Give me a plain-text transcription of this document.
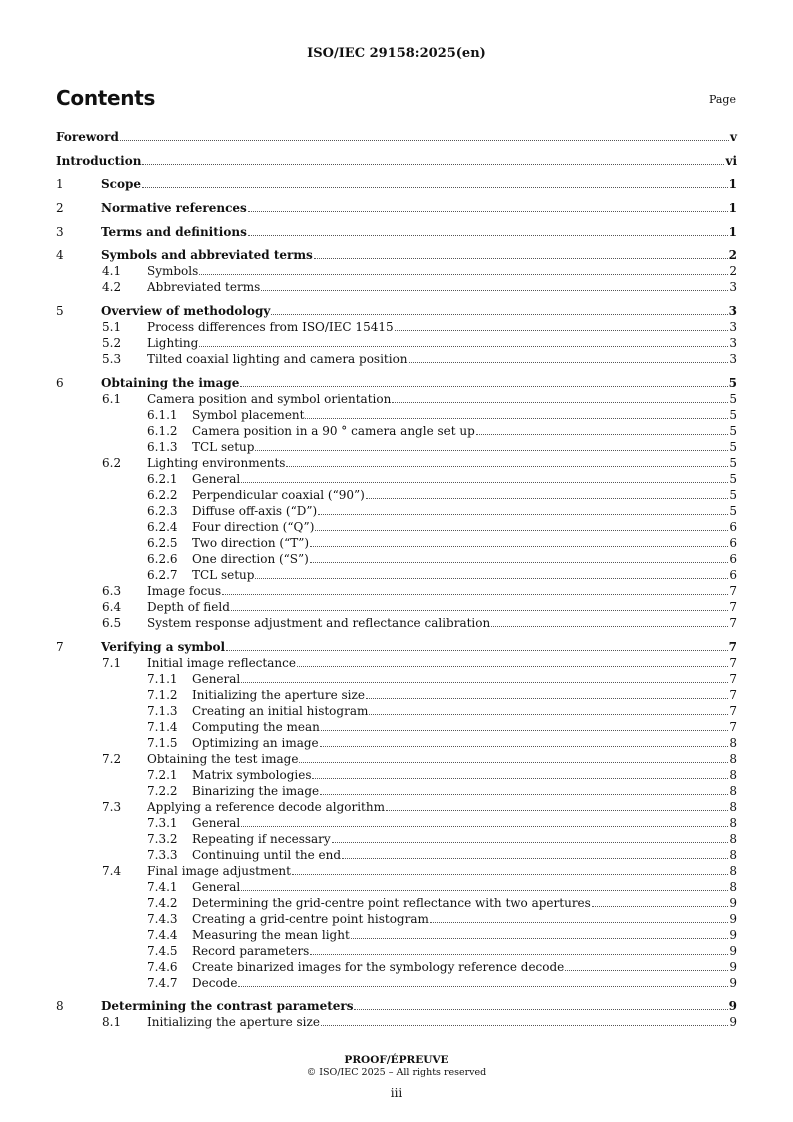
ISO/IEC 29158:2025(en)
Contents	Page
Foreword	v
Introduction	vi
1	Scope	1
2	Normative references	1
3	Terms and definitions	1
4	Symbols and abbreviated terms	2
4.1	Symbols	2
4.2	Abbreviated terms	3
5	Overview of methodology	3
5.1	Process differences from ISO/IEC 15415	3
5.2	Lighting	3
5.3	Tilted coaxial lighting and camera position	3
6	Obtaining the image	5
6.1	Camera position and symbol orientation	5
6.1.1	Symbol placement	5
6.1.2	Camera position in a 90 ° camera angle set up	5
6.1.3	TCL setup	5
6.2	Lighting environments	5
6.2.1	General	5
6.2.2	Perpendicular coaxial (“90”)	5
6.2.3	Diffuse off-axis (“D”)	5
6.2.4	Four direction (“Q”)	6
6.2.5	Two direction (“T”)	6
6.2.6	One direction (“S”)	6
6.2.7	TCL setup	6
6.3	Image focus	7
6.4	Depth of field	7
6.5	System response adjustment and reflectance calibration	7
7	Verifying a symbol	7
7.1	Initial image reflectance	7
7.1.1	General	7
7.1.2	Initializing the aperture size	7
7.1.3	Creating an initial histogram	7
7.1.4	Computing the mean	7
7.1.5	Optimizing an image	8
7.2	Obtaining the test image	8
7.2.1	Matrix symbologies	8
7.2.2	Binarizing the image	8
7.3	Applying a reference decode algorithm	8
7.3.1	General	8
7.3.2	Repeating if necessary	8
7.3.3	Continuing until the end	8
7.4	Final image adjustment	8
7.4.1	General	8
7.4.2	Determining the grid-centre point reflectance with two apertures	9
7.4.3	Creating a grid-centre point histogram	9
7.4.4	Measuring the mean light	9
7.4.5	Record parameters	9
7.4.6	Create binarized images for the symbology reference decode	9
7.4.7	Decode	9
8	Determining the contrast parameters	9
8.1	Initializing the aperture size	9
PROOF/ÉPREUVE
© ISO/IEC 2025 – All rights reserved
iii
